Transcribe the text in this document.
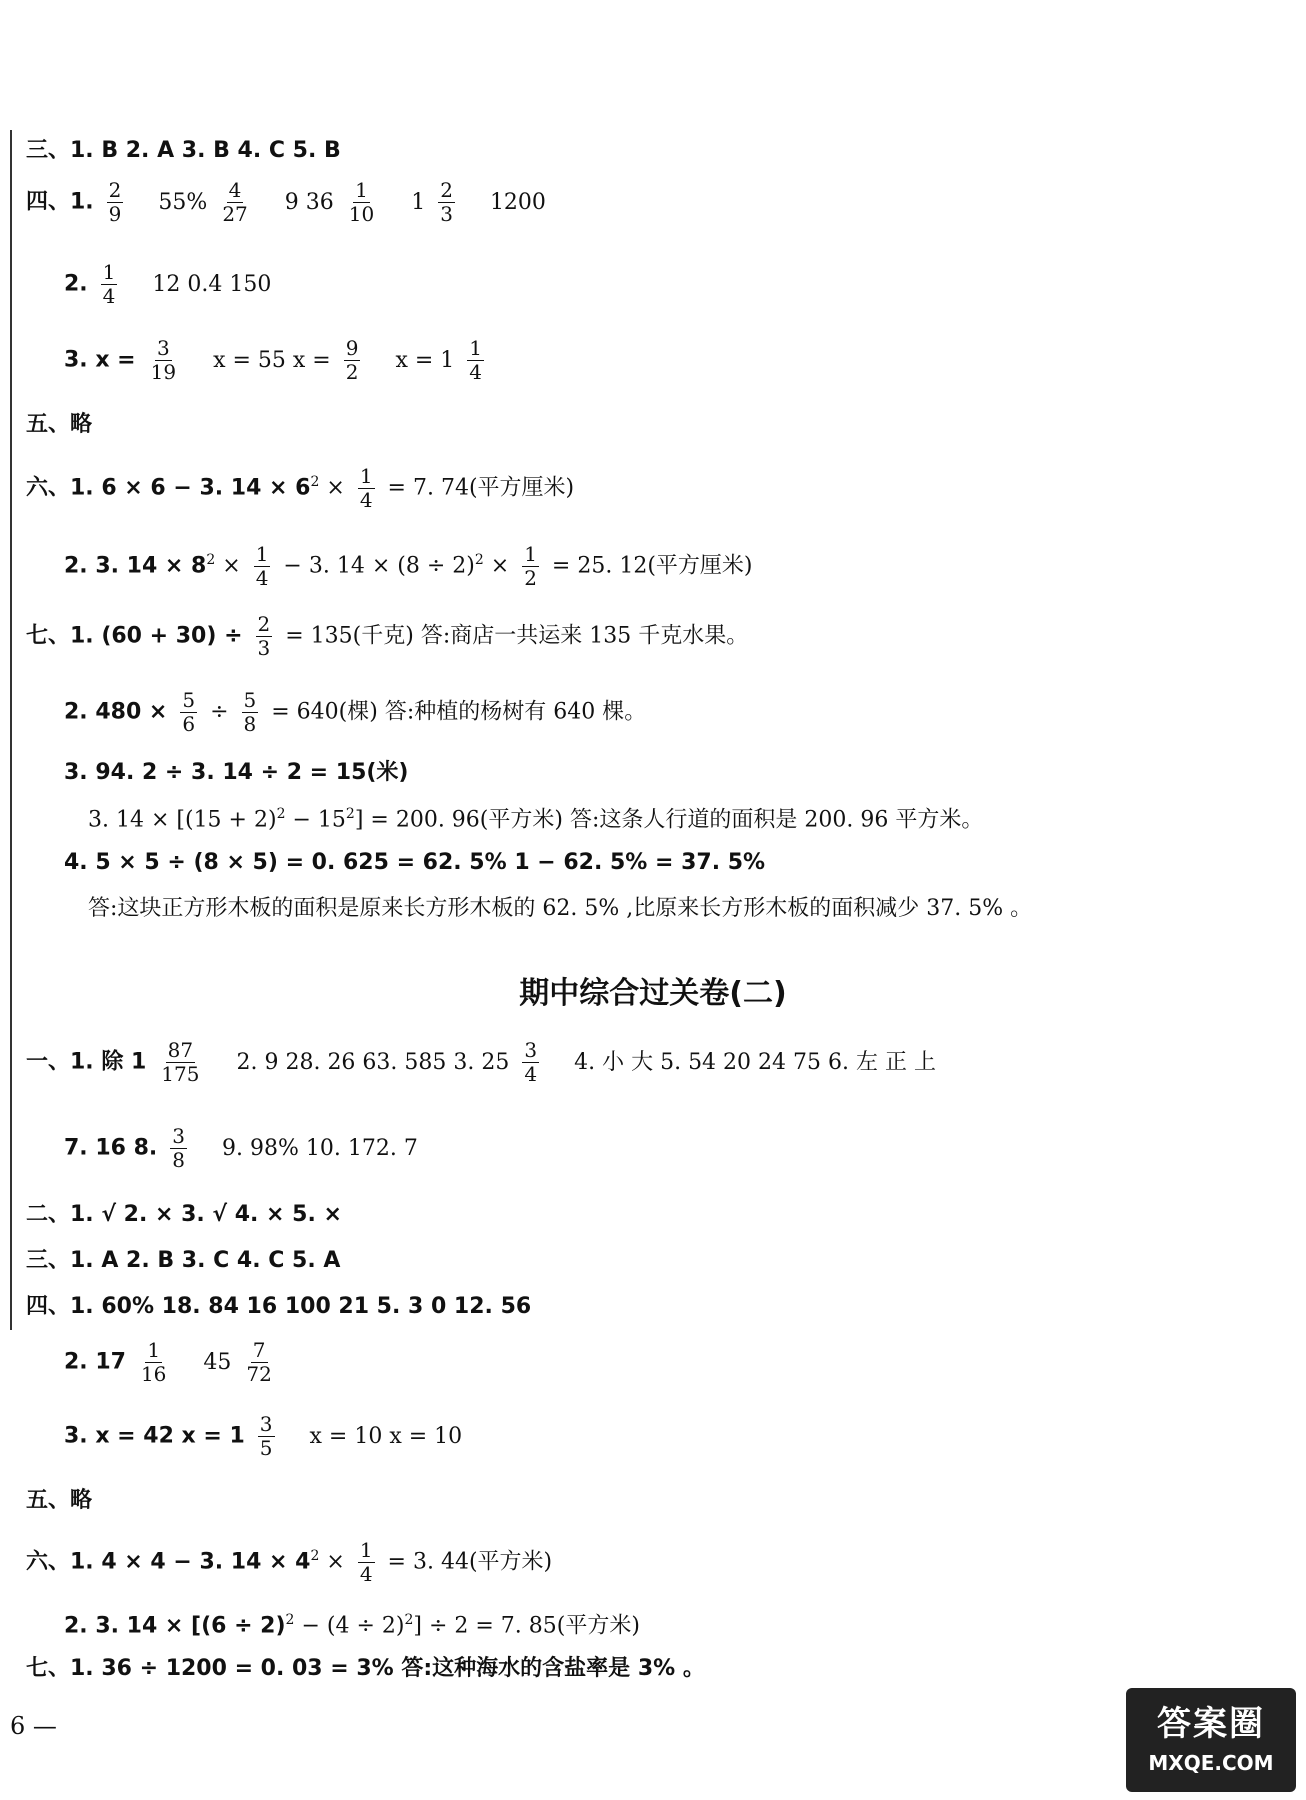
三、1. B 2. A 3. B 4. C 5. B
四、1. $\frac{2}{9} 55\% \frac{4}{27} 9$ $36 \frac{1}{10} 1 \frac{2}{3} 1200$
2. $\frac{1}{4} 12$ 0.4 150
3. $x = \frac{3}{19}$ x = 55 $x = \frac{9}{2}$ $x = 1 \frac{1}{4}$
五、略
六、1. 6 × 6 − 3. $14 \times 6^2 \times \frac{1}{4} = 7$. 74(平方厘米)
2. 3. $14 \times 8^2 \times \frac{1}{4} - 3$. $14 \times (8 \div 2)^2 \times \frac{1}{2} = 25$. 12(平方厘米)
七、1. $(60 + 30) \div \frac{2}{3} = 135$(千克) 答:商店一共运来 135 千克水果。
2. $480 \times \frac{5}{6} \div \frac{5}{8} = 640$(棵) 答:种植的杨树有 640 棵。
3. 94. 2 ÷ 3. 14 ÷ 2 = 15(米)
3. $14 \times [(15 + 2)^2 - 15^2] = 200$. 96(平方米) 答:这条人行道的面积是 200. 96 平方米。
4. 5 × 5 ÷ (8 × 5) = 0. 625 = 62. 5% 1 − 62. 5% = 37. 5%
答:这块正方形木板的面积是原来长方形木板的 62. 5% ,比原来长方形木板的面积减少 37. 5% 。
期中综合过关卷(二)
一、1. 除 $1 \frac{87}{175} 2$. 9 28. 26 63. 585 3. $25 \frac{3}{4} 4$. 小 大 5. 54 20 24 75 6. 左 正 上
7. 16 8. $\frac{3}{8} 9$. 98% 10. 172. 7
二、1. √ 2. × 3. √ 4. × 5. ×
三、1. A 2. B 3. C 4. C 5. A
四、1. 60% 18. 84 16 100 21 5. 3 0 12. 56
2. $17 \frac{1}{16} 45 \frac{7}{72}$
3. x = 42 $x = 1 \frac{3}{5}$ x = 10 x = 10
五、略
六、1. 4 × 4 − 3. $14 \times 4^2 \times \frac{1}{4} = 3$. 44(平方米)
2. 3. $14 \times [(6 \div 2)^2 - (4 \div 2)^2] \div 2 = 7$. 85(平方米)
七、1. 36 ÷ 1200 = 0. 03 = 3% 答:这种海水的含盐率是 3% 。
6 —	答案圈
MXQE.COM
